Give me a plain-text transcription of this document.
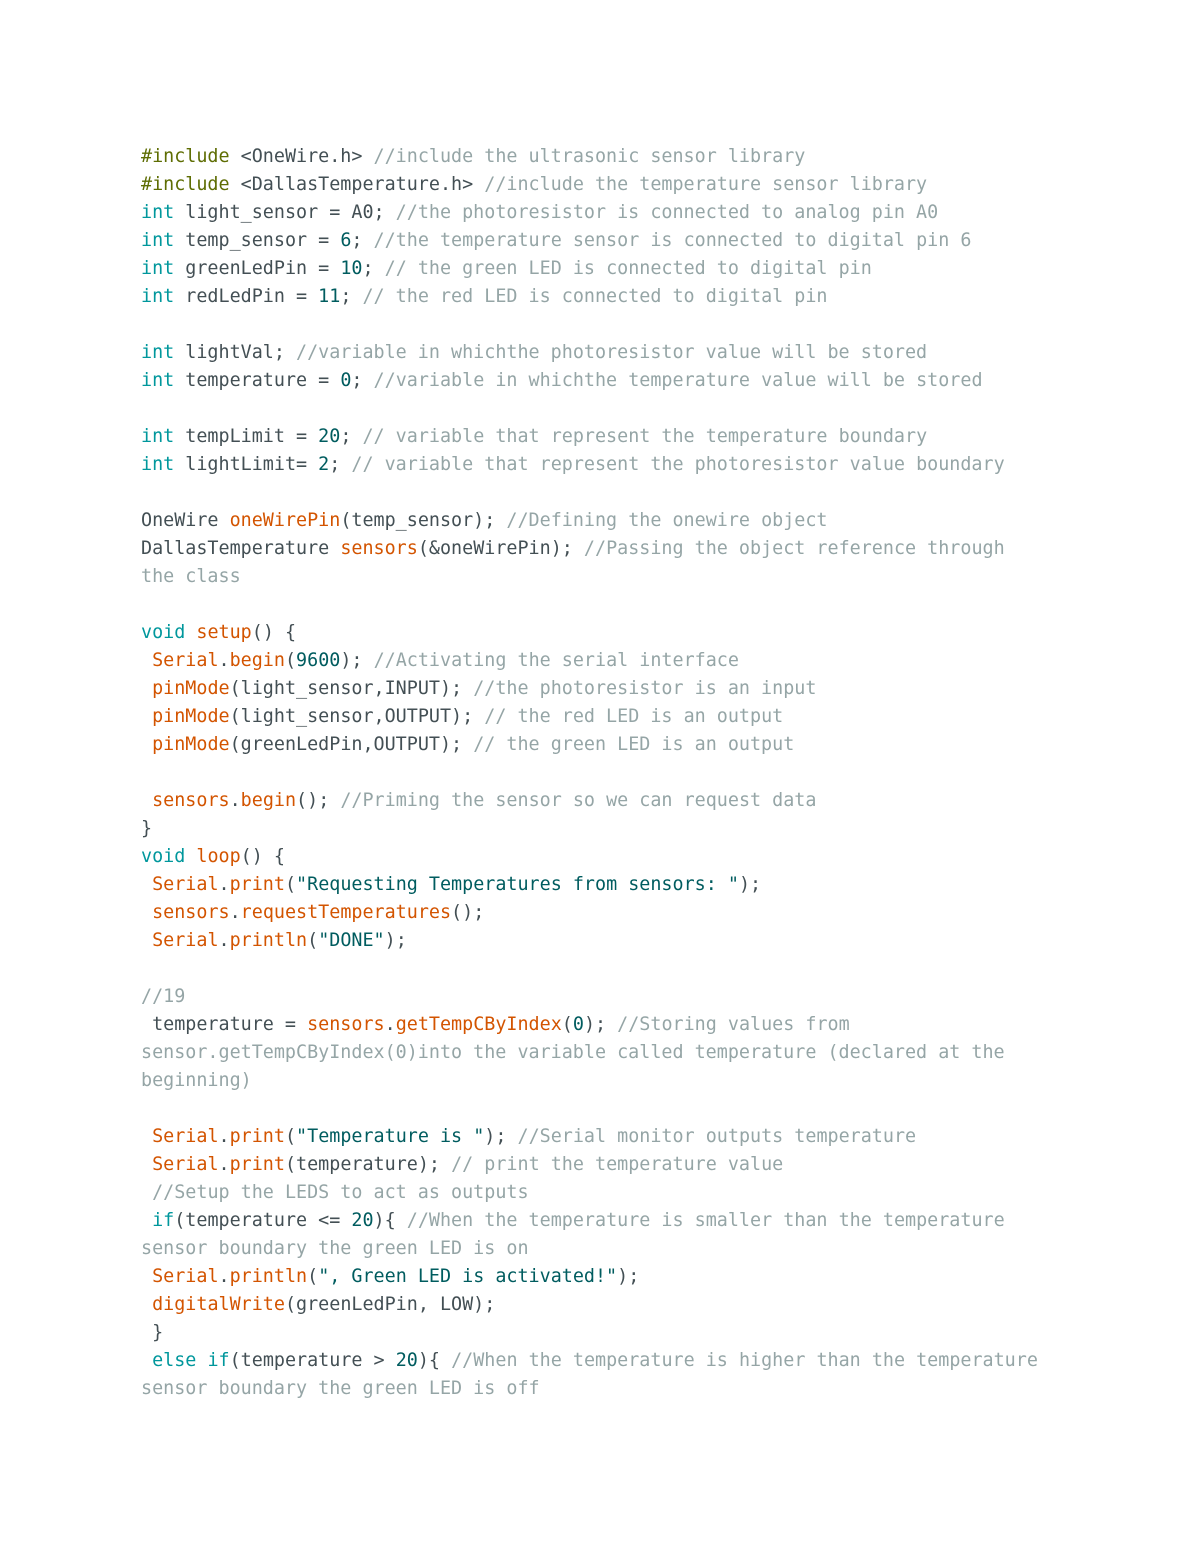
#include <OneWire.h> //include the ultrasonic sensor library
#include <DallasTemperature.h> //include the temperature sensor library
int light_sensor = A0; //the photoresistor is connected to analog pin A0
int temp_sensor = 6; //the temperature sensor is connected to digital pin 6
int greenLedPin = 10; // the green LED is connected to digital pin
int redLedPin = 11; // the red LED is connected to digital pin
int lightVal; //variable in whichthe photoresistor value will be stored
int temperature = 0; //variable in whichthe temperature value will be stored
int tempLimit = 20; // variable that represent the temperature boundary
int lightLimit= 2; // variable that represent the photoresistor value boundary
OneWire oneWirePin(temp_sensor); //Defining the onewire object
DallasTemperature sensors(&oneWirePin); //Passing the object reference through
the class
void setup() {
Serial.begin(9600); //Activating the serial interface
pinMode(light_sensor,INPUT); //the photoresistor is an input
pinMode(light_sensor,OUTPUT); // the red LED is an output
pinMode(greenLedPin,OUTPUT); // the green LED is an output
sensors.begin(); //Priming the sensor so we can request data
}
void loop() {
Serial.print("Requesting Temperatures from sensors: ");
sensors.requestTemperatures();
Serial.println("DONE");
//19
temperature = sensors.getTempCByIndex(0); //Storing values from
sensor.getTempCByIndex(0)into the variable called temperature (declared at the
beginning)
Serial.print("Temperature is "); //Serial monitor outputs temperature
Serial.print(temperature); // print the temperature value
//Setup the LEDS to act as outputs
if(temperature <= 20){ //When the temperature is smaller than the temperature
sensor boundary the green LED is on
Serial.println(", Green LED is activated!");
digitalWrite(greenLedPin, LOW);
}
else if(temperature > 20){ //When the temperature is higher than the temperature
sensor boundary the green LED is off
